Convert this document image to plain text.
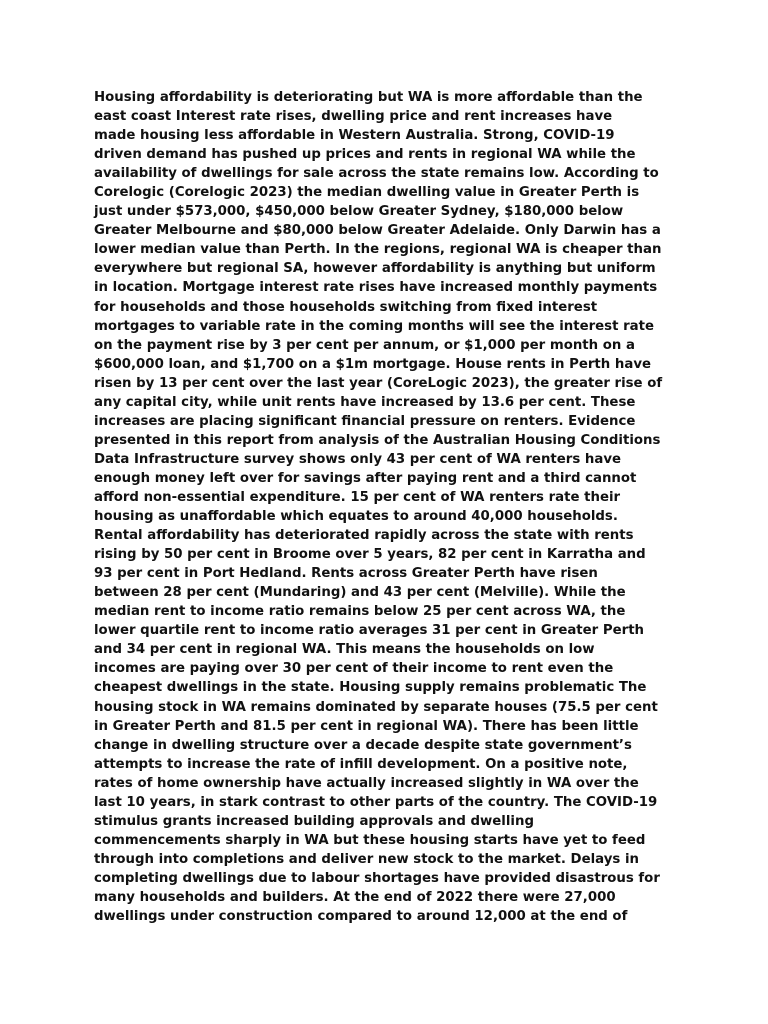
Housing affordability is deteriorating but WA is more affordable than the
east coast Interest rate rises, dwelling price and rent increases have
made housing less affordable in Western Australia. Strong, COVID-19
driven demand has pushed up prices and rents in regional WA while the
availability of dwellings for sale across the state remains low. According to
Corelogic (Corelogic 2023) the median dwelling value in Greater Perth is
just under $573,000, $450,000 below Greater Sydney, $180,000 below
Greater Melbourne and $80,000 below Greater Adelaide. Only Darwin has a
lower median value than Perth. In the regions, regional WA is cheaper than
everywhere but regional SA, however affordability is anything but uniform
in location. Mortgage interest rate rises have increased monthly payments
for households and those households switching from fixed interest
mortgages to variable rate in the coming months will see the interest rate
on the payment rise by 3 per cent per annum, or $1,000 per month on a
$600,000 loan, and $1,700 on a $1m mortgage. House rents in Perth have
risen by 13 per cent over the last year (CoreLogic 2023), the greater rise of
any capital city, while unit rents have increased by 13.6 per cent. These
increases are placing significant financial pressure on renters. Evidence
presented in this report from analysis of the Australian Housing Conditions
Data Infrastructure survey shows only 43 per cent of WA renters have
enough money left over for savings after paying rent and a third cannot
afford non-essential expenditure. 15 per cent of WA renters rate their
housing as unaffordable which equates to around 40,000 households.
Rental affordability has deteriorated rapidly across the state with rents
rising by 50 per cent in Broome over 5 years, 82 per cent in Karratha and
93 per cent in Port Hedland. Rents across Greater Perth have risen
between 28 per cent (Mundaring) and 43 per cent (Melville). While the
median rent to income ratio remains below 25 per cent across WA, the
lower quartile rent to income ratio averages 31 per cent in Greater Perth
and 34 per cent in regional WA. This means the households on low
incomes are paying over 30 per cent of their income to rent even the
cheapest dwellings in the state. Housing supply remains problematic The
housing stock in WA remains dominated by separate houses (75.5 per cent
in Greater Perth and 81.5 per cent in regional WA). There has been little
change in dwelling structure over a decade despite state government’s
attempts to increase the rate of infill development. On a positive note,
rates of home ownership have actually increased slightly in WA over the
last 10 years, in stark contrast to other parts of the country. The COVID-19
stimulus grants increased building approvals and dwelling
commencements sharply in WA but these housing starts have yet to feed
through into completions and deliver new stock to the market. Delays in
completing dwellings due to labour shortages have provided disastrous for
many households and builders. At the end of 2022 there were 27,000
dwellings under construction compared to around 12,000 at the end of
